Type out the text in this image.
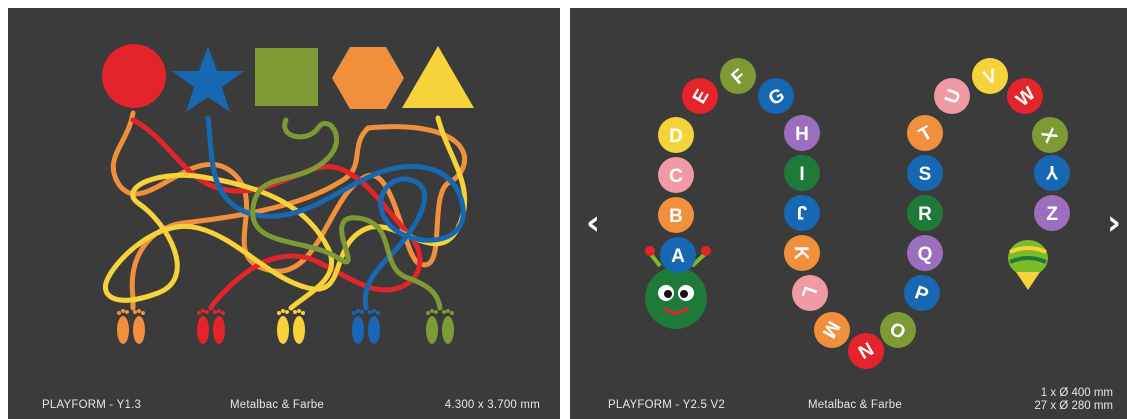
PLAYFORM - Y1.3	Metalbac & Farbe	4.300 x 3.700 mm
A
B
C
D
E
F
G
H
I
J
K
L
M
N
O
P
Q
R
S
T
U
V
W
X
Y
Z
‹	›
PLAYFORM - Y2.5 V2	Metalbac & Farbe
1 x Ø 400 mm
27 x Ø 280 mm
